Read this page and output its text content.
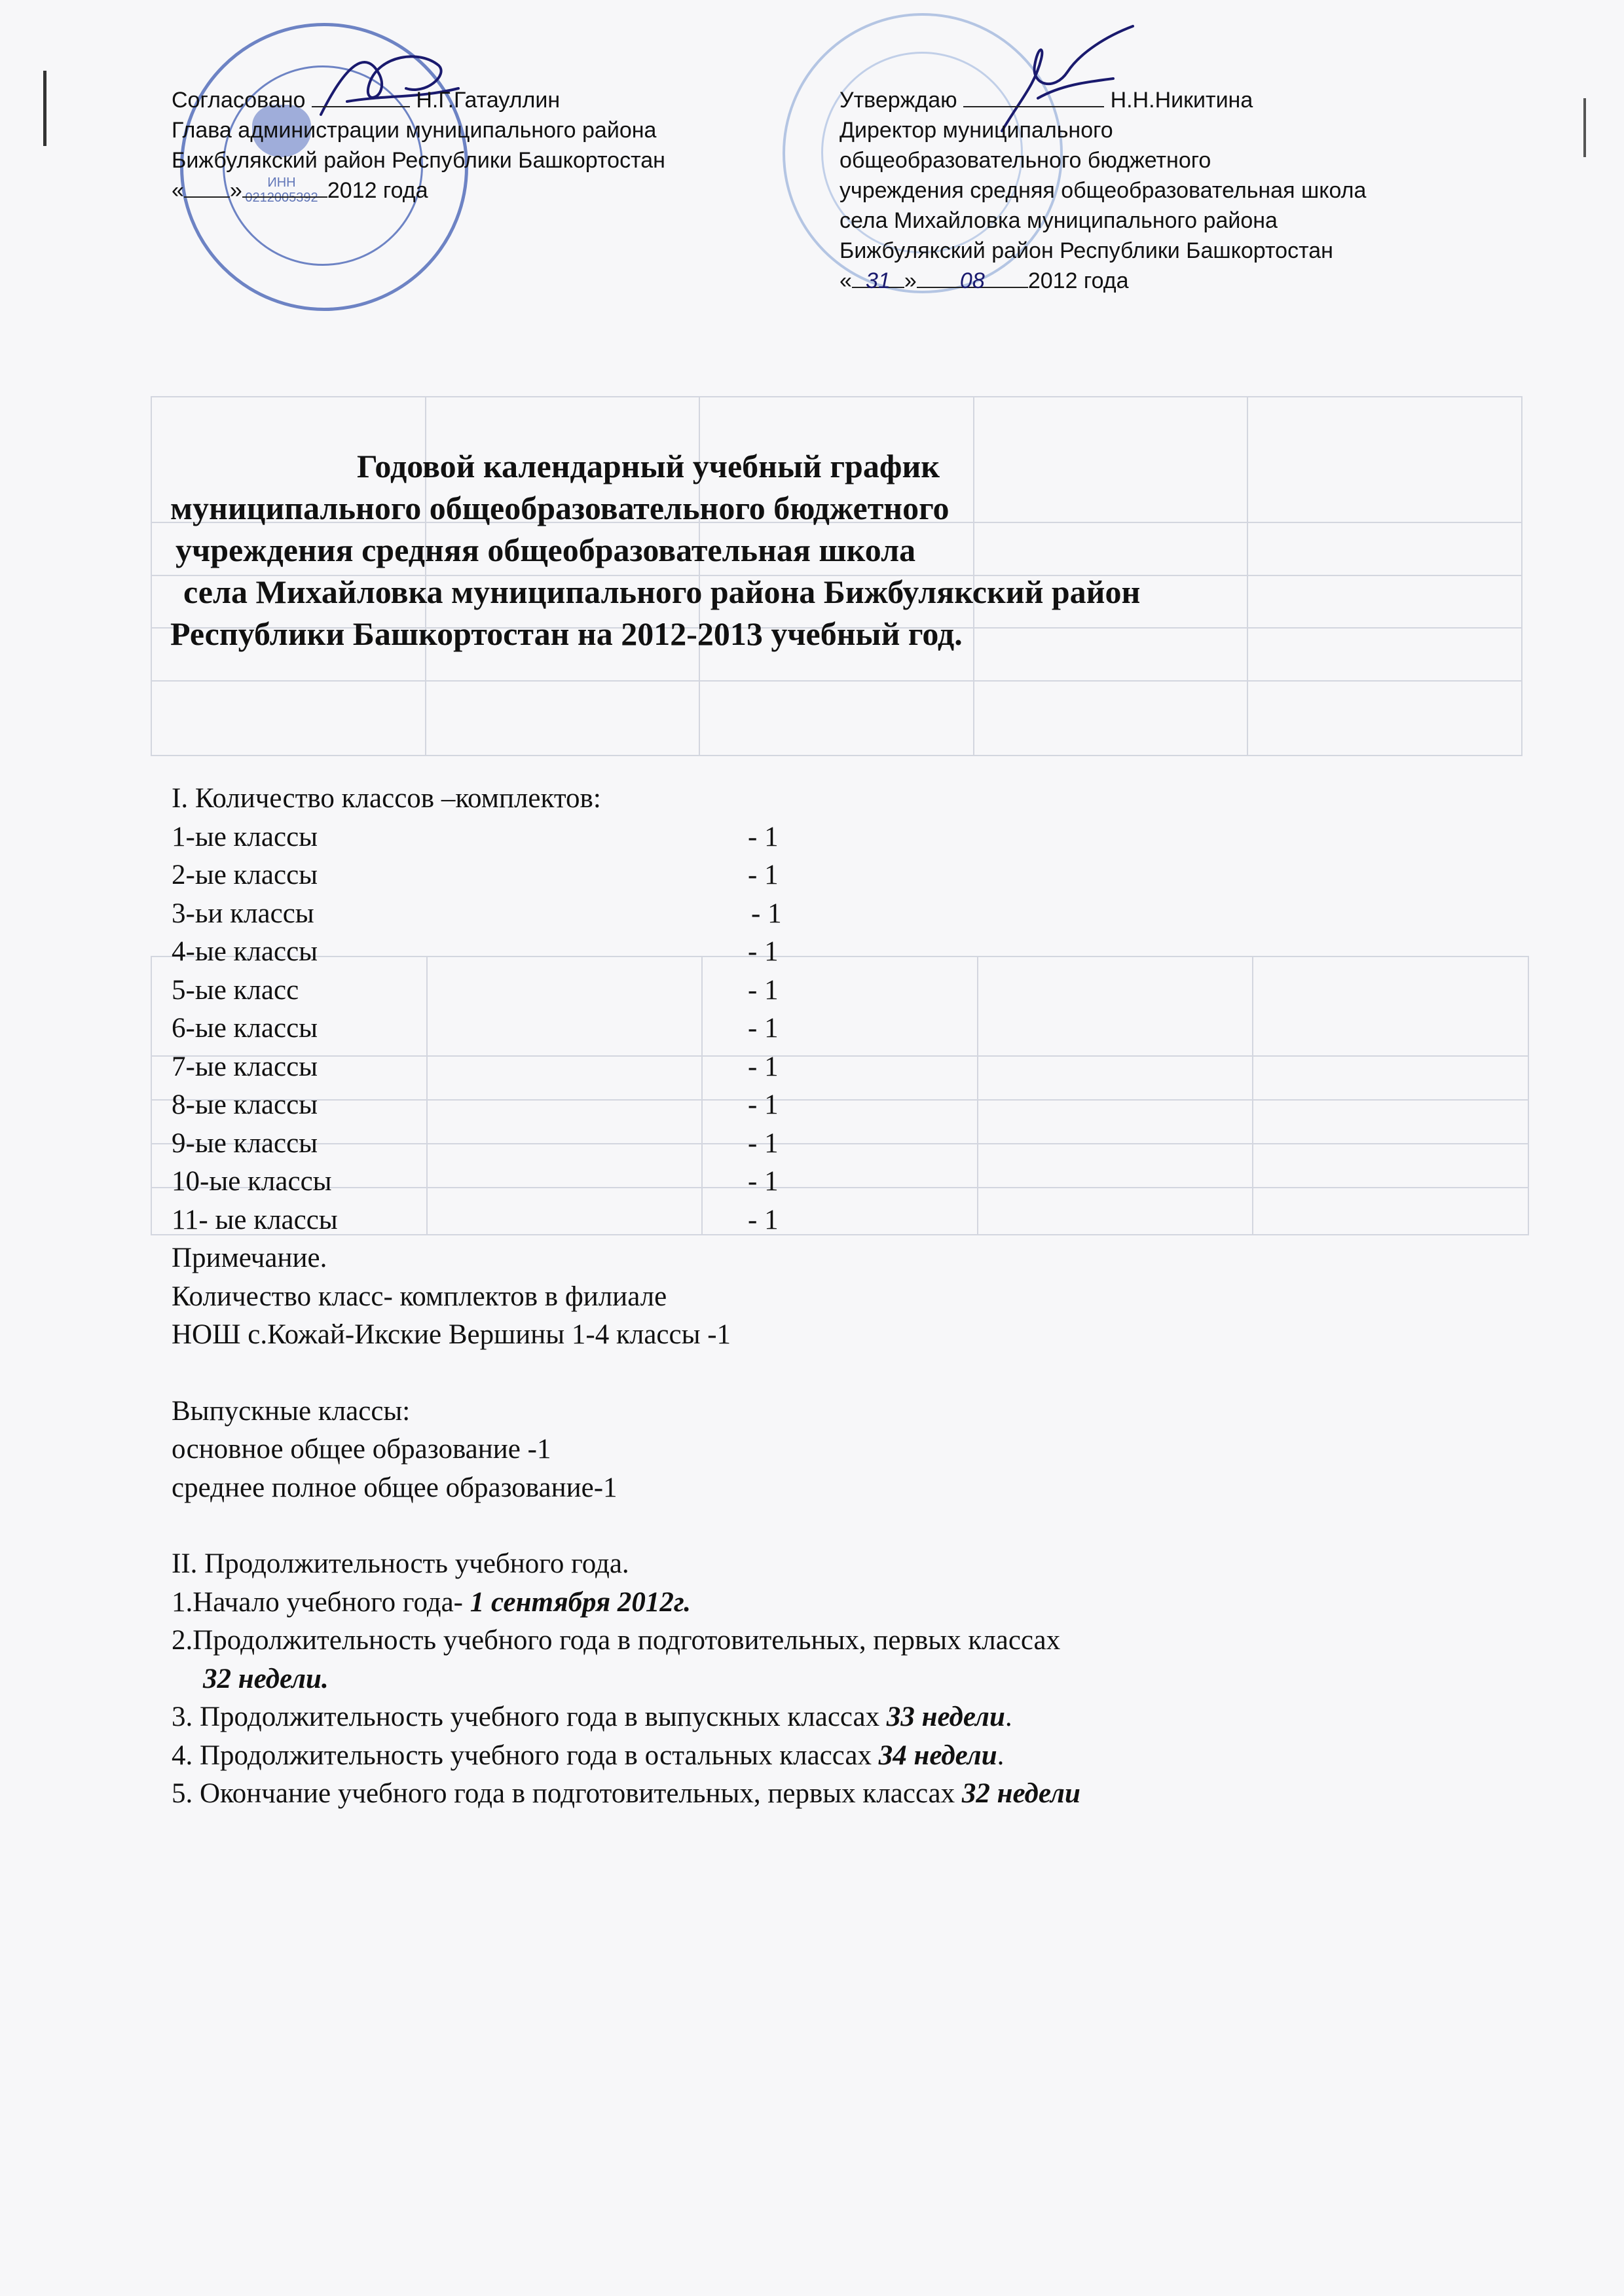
ИНН 0212005392
Согласовано	Н.Г.Гатауллин
Глава администрации муниципального района
Бижбулякский район Республики Башкортостан
« »	2012 года
Утверждаю	Н.Н.Никитина
Директор муниципального
общеобразовательного бюджетного
учреждения средняя общеобразовательная школа
села Михайловка муниципального района
Бижбулякский район Республики Башкортостан
« 31 » 08 2012 года
Годовой календарный учебный график
муниципального общеобразовательного бюджетного
учреждения средняя общеобразовательная школа
села Михайловка муниципального района Бижбулякский район
Республики Башкортостан на 2012-2013 учебный год.
I. Количество классов –комплектов:
1-ые классы	- 1
2-ые классы	- 1
3-ьи классы	- 1
4-ые классы	- 1
5-ые класс	- 1
6-ые классы	- 1
7-ые классы	- 1
8-ые классы	- 1
9-ые классы	- 1
10-ые классы	- 1
11- ые классы	- 1
Примечание.
Количество класс- комплектов в филиале
НОШ с.Кожай-Икские Вершины 1-4 классы -1
Выпускные классы:
основное общее образование -1
среднее полное общее образование-1
II. Продолжительность учебного года.
1.Начало учебного года- 1 сентября 2012г.
2.Продолжительность учебного года в подготовительных, первых классах
32 недели.
3. Продолжительность учебного года в выпускных классах 33 недели.
4. Продолжительность учебного года в остальных классах 34 недели.
5. Окончание учебного года в подготовительных, первых классах 32 недели
